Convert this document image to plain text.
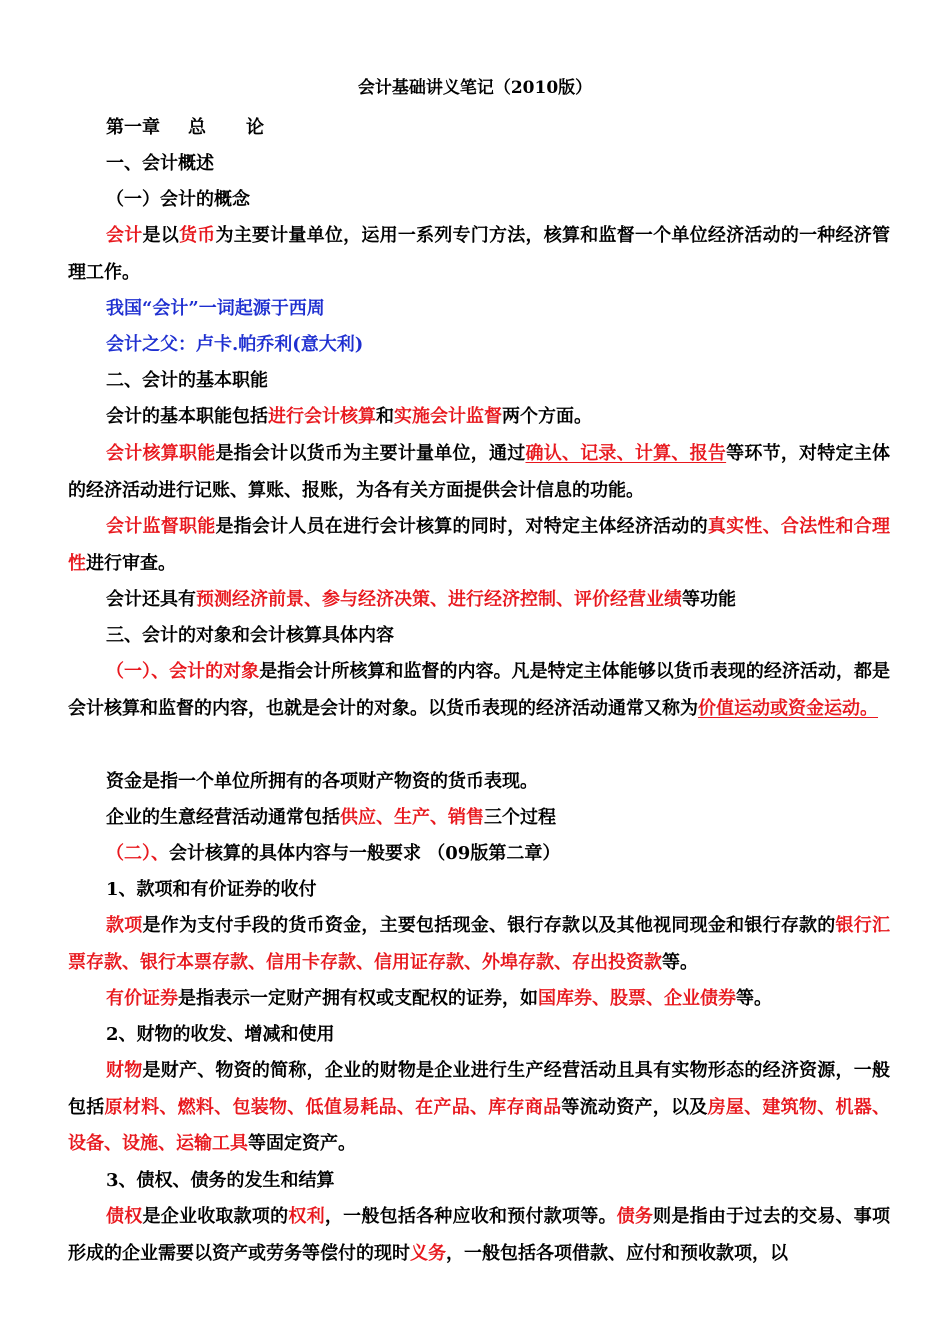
会计基础讲义笔记（2010版）
第一章 总 论
一、会计概述
（一）会计的概念
会计是以货币为主要计量单位，运用一系列专门方法，核算和监督一个单位经济活动的一种经济管理工作。
我国“会计”一词起源于西周
会计之父：卢卡.帕乔利(意大利)
二、会计的基本职能
会计的基本职能包括进行会计核算和实施会计监督两个方面。
会计核算职能是指会计以货币为主要计量单位，通过确认、记录、计算、报告等环节，对特定主体的经济活动进行记账、算账、报账，为各有关方面提供会计信息的功能。
会计监督职能是指会计人员在进行会计核算的同时，对特定主体经济活动的真实性、合法性和合理性进行审查。
会计还具有预测经济前景、参与经济决策、进行经济控制、评价经营业绩等功能
三、会计的对象和会计核算具体内容
（一）、会计的对象是指会计所核算和监督的内容。凡是特定主体能够以货币表现的经济活动，都是会计核算和监督的内容，也就是会计的对象。以货币表现的经济活动通常又称为价值运动或资金运动。
资金是指一个单位所拥有的各项财产物资的货币表现。
企业的生意经营活动通常包括供应、生产、销售三个过程
（二）、会计核算的具体内容与一般要求 （09版第二章）
1、款项和有价证券的收付
款项是作为支付手段的货币资金，主要包括现金、银行存款以及其他视同现金和银行存款的银行汇票存款、银行本票存款、信用卡存款、信用证存款、外埠存款、存出投资款等。
有价证券是指表示一定财产拥有权或支配权的证券，如国库券、股票、企业债券等。
2、财物的收发、增减和使用
财物是财产、物资的简称，企业的财物是企业进行生产经营活动且具有实物形态的经济资源，一般包括原材料、燃料、包装物、低值易耗品、在产品、库存商品等流动资产，以及房屋、建筑物、机器、设备、设施、运输工具等固定资产。
3、债权、债务的发生和结算
债权是企业收取款项的权利，一般包括各种应收和预付款项等。债务则是指由于过去的交易、事项形成的企业需要以资产或劳务等偿付的现时义务，一般包括各项借款、应付和预收款项，以
